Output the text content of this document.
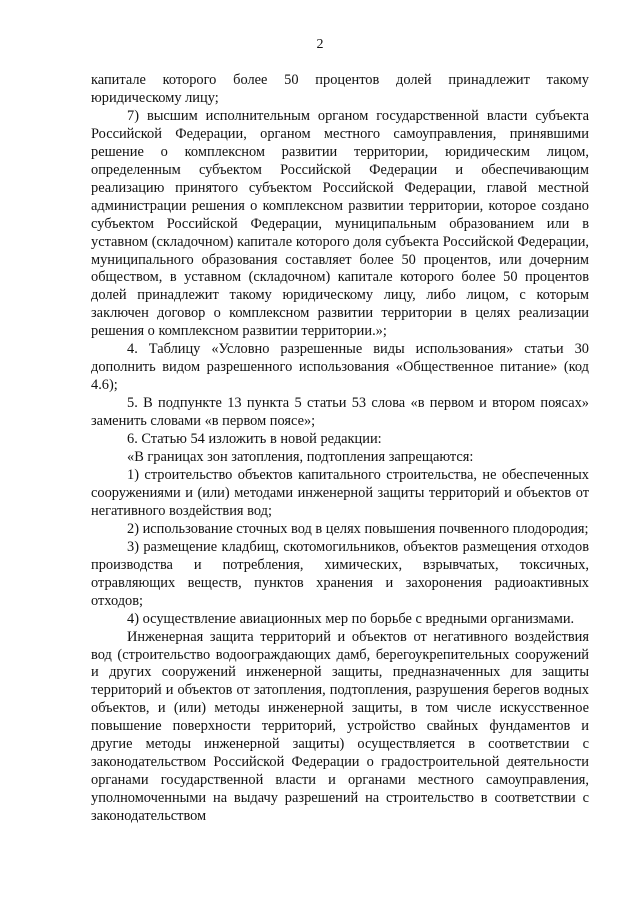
2

капитале которого более 50 процентов долей принадлежит такому юридическому лицу;

7) высшим исполнительным органом государственной власти субъекта Российской Федерации, органом местного самоуправления, принявшими решение о комплексном развитии территории, юридическим лицом, определенным субъектом Российской Федерации и обеспечивающим реализацию принятого субъектом Российской Федерации, главой местной администрации решения о комплексном развитии территории, которое создано субъектом Российской Федерации, муниципальным образованием или в уставном (складочном) капитале которого доля субъекта Российской Федерации, муниципального образования составляет более 50 процентов, или дочерним обществом, в уставном (складочном) капитале которого более 50 процентов долей принадлежит такому юридическому лицу, либо лицом, с которым заключен договор о комплексном развитии территории в целях реализации решения о комплексном развитии территории.»;

4. Таблицу «Условно разрешенные виды использования» статьи 30 дополнить видом разрешенного использования «Общественное питание» (код 4.6);

5. В подпункте 13 пункта 5 статьи 53 слова «в первом и втором поясах» заменить словами «в первом поясе»;

6. Статью 54 изложить в новой редакции:

«В границах зон затопления, подтопления запрещаются:

1) строительство объектов капитального строительства, не обеспеченных сооружениями и (или) методами инженерной защиты территорий и объектов от негативного воздействия вод;

2) использование сточных вод в целях повышения почвенного плодородия;

3) размещение кладбищ, скотомогильников, объектов размещения отходов производства и потребления, химических, взрывчатых, токсичных, отравляющих веществ, пунктов хранения и захоронения радиоактивных отходов;

4) осуществление авиационных мер по борьбе с вредными организмами.

Инженерная защита территорий и объектов от негативного воздействия вод (строительство водоограждающих дамб, берегоукрепительных сооружений и других сооружений инженерной защиты, предназначенных для защиты территорий и объектов от затопления, подтопления, разрушения берегов водных объектов, и (или) методы инженерной защиты, в том числе искусственное повышение поверхности территорий, устройство свайных фундаментов и другие методы инженерной защиты) осуществляется в соответствии с законодательством Российской Федерации о градостроительной деятельности органами государственной власти и органами местного самоуправления, уполномоченными на выдачу разрешений на строительство в соответствии с законодательством
